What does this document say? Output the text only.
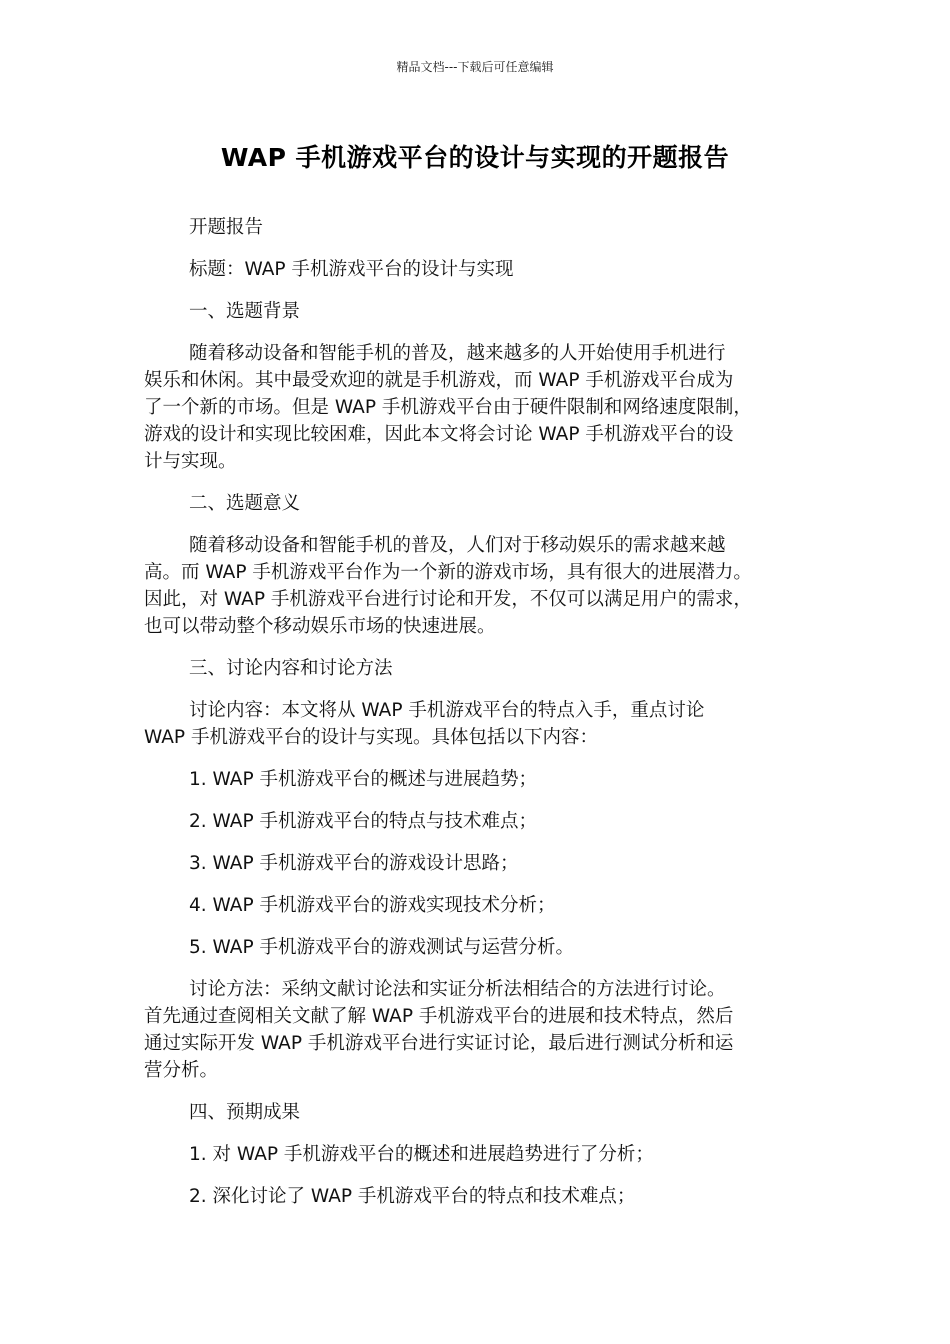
精品文档---下载后可任意编辑
WAP 手机游戏平台的设计与实现的开题报告
开题报告
标题：WAP 手机游戏平台的设计与实现
一、选题背景
随着移动设备和智能手机的普及，越来越多的人开始使用手机进行
娱乐和休闲。其中最受欢迎的就是手机游戏，而 WAP 手机游戏平台成为
了一个新的市场。但是 WAP 手机游戏平台由于硬件限制和网络速度限制，
游戏的设计和实现比较困难，因此本文将会讨论 WAP 手机游戏平台的设
计与实现。
二、选题意义
随着移动设备和智能手机的普及，人们对于移动娱乐的需求越来越
高。而 WAP 手机游戏平台作为一个新的游戏市场，具有很大的进展潜力。
因此，对 WAP 手机游戏平台进行讨论和开发，不仅可以满足用户的需求，
也可以带动整个移动娱乐市场的快速进展。
三、讨论内容和讨论方法
讨论内容：本文将从 WAP 手机游戏平台的特点入手，重点讨论
WAP 手机游戏平台的设计与实现。具体包括以下内容：
1. WAP 手机游戏平台的概述与进展趋势；
2. WAP 手机游戏平台的特点与技术难点；
3. WAP 手机游戏平台的游戏设计思路；
4. WAP 手机游戏平台的游戏实现技术分析；
5. WAP 手机游戏平台的游戏测试与运营分析。
讨论方法：采纳文献讨论法和实证分析法相结合的方法进行讨论。
首先通过查阅相关文献了解 WAP 手机游戏平台的进展和技术特点，然后
通过实际开发 WAP 手机游戏平台进行实证讨论，最后进行测试分析和运
营分析。
四、预期成果
1. 对 WAP 手机游戏平台的概述和进展趋势进行了分析；
2. 深化讨论了 WAP 手机游戏平台的特点和技术难点；
